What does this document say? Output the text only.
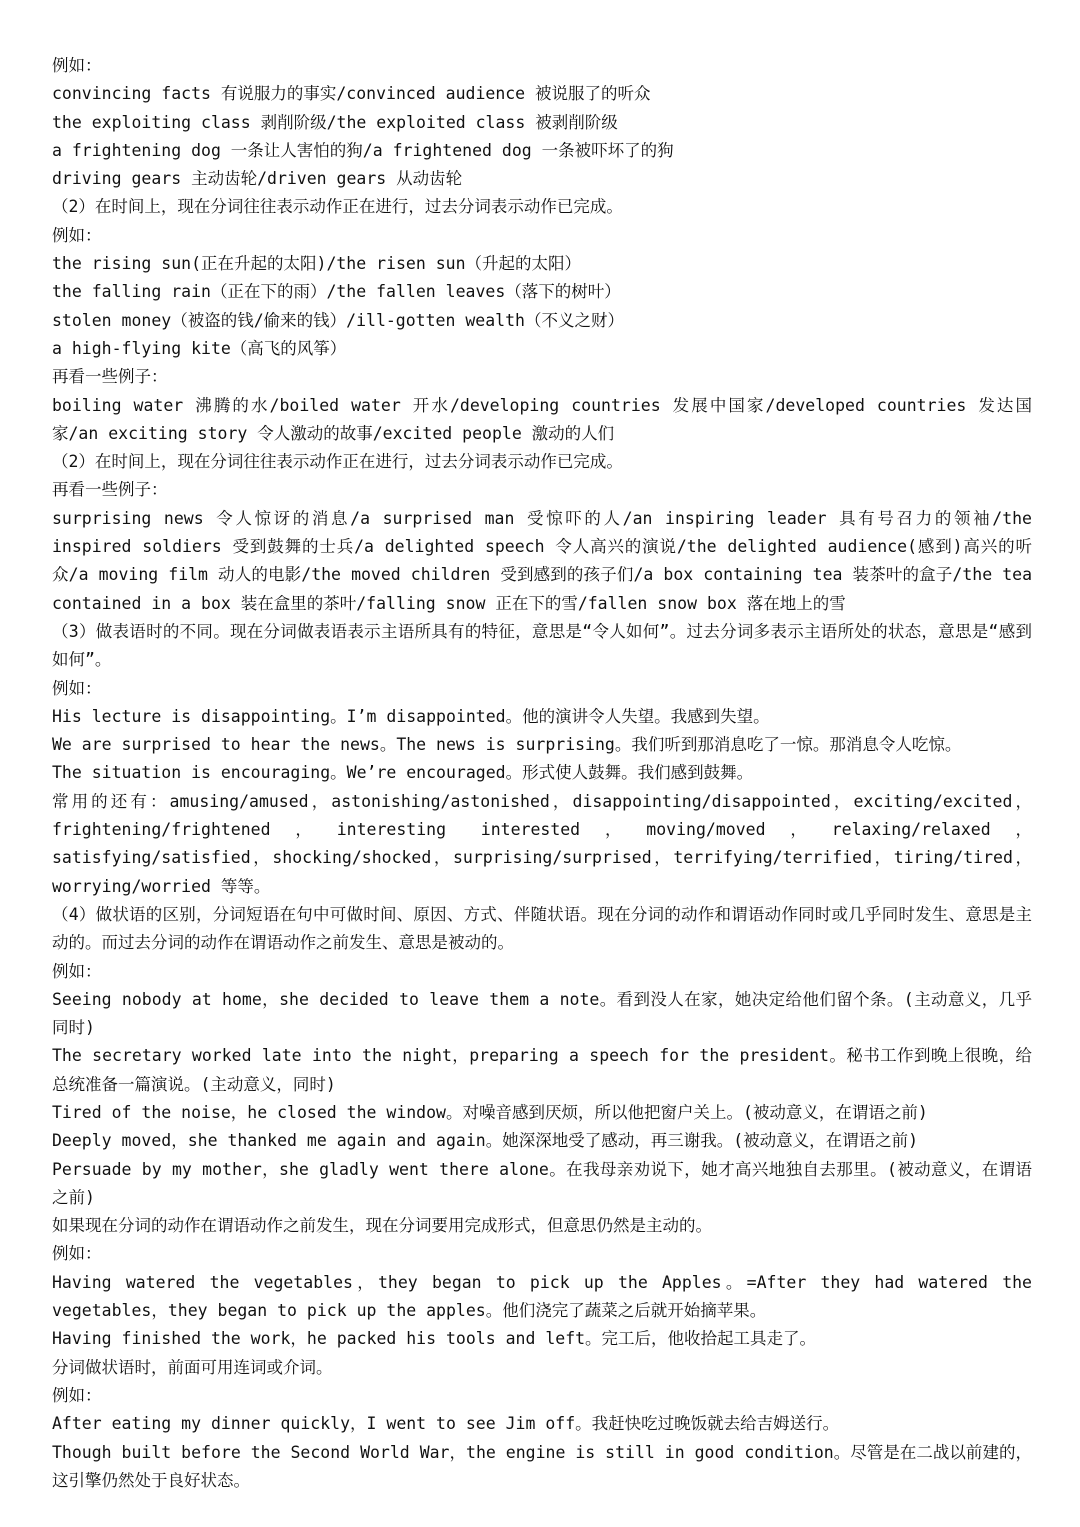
例如：
convincing facts 有说服力的事实/convinced audience 被说服了的听众
the exploiting class 剥削阶级/the exploited class 被剥削阶级
a frightening dog 一条让人害怕的狗/a frightened dog 一条被吓坏了的狗
driving gears 主动齿轮/driven gears 从动齿轮
（2）在时间上，现在分词往往表示动作正在进行，过去分词表示动作已完成。
例如：
the rising sun(正在升起的太阳)/the risen sun（升起的太阳）
the falling rain（正在下的雨）/the fallen leaves（落下的树叶）
stolen money（被盗的钱/偷来的钱）/ill-gotten wealth（不义之财）
a high-flying kite（高飞的风筝）
再看一些例子：
boiling water 沸腾的水/boiled water 开水/developing countries 发展中国家/developed countries 发达国家/an exciting story 令人激动的故事/excited people 激动的人们
（2）在时间上，现在分词往往表示动作正在进行，过去分词表示动作已完成。
再看一些例子：
surprising news 令人惊讶的消息/a surprised man 受惊吓的人/an inspiring leader 具有号召力的领袖/the inspired soldiers 受到鼓舞的士兵/a delighted speech 令人高兴的演说/the delighted audience(感到)高兴的听众/a moving film 动人的电影/the moved children 受到感到的孩子们/a box containing tea 装茶叶的盒子/the tea contained in a box 装在盒里的茶叶/falling snow 正在下的雪/fallen snow box 落在地上的雪
（3）做表语时的不同。现在分词做表语表示主语所具有的特征，意思是“令人如何”。过去分词多表示主语所处的状态，意思是“感到如何”。
例如：
His lecture is disappointing。I’m disappointed。他的演讲令人失望。我感到失望。
We are surprised to hear the news。The news is surprising。我们听到那消息吃了一惊。那消息令人吃惊。
The situation is encouraging。We’re encouraged。形式使人鼓舞。我们感到鼓舞。
常用的还有：amusing/amused，astonishing/astonished，disappointing/disappointed，exciting/excited，frightening/frightened，interesting interested，moving/moved，relaxing/relaxed，satisfying/satisfied，shocking/shocked，surprising/surprised，terrifying/terrified，tiring/tired，worrying/worried 等等。
（4）做状语的区别，分词短语在句中可做时间、原因、方式、伴随状语。现在分词的动作和谓语动作同时或几乎同时发生、意思是主动的。而过去分词的动作在谓语动作之前发生、意思是被动的。
例如：
Seeing nobody at home，she decided to leave them a note。看到没人在家，她决定给他们留个条。(主动意义，几乎同时)
The secretary worked late into the night，preparing a speech for the president。秘书工作到晚上很晚，给总统准备一篇演说。(主动意义，同时)
Tired of the noise，he closed the window。对噪音感到厌烦，所以他把窗户关上。(被动意义，在谓语之前)
Deeply moved，she thanked me again and again。她深深地受了感动，再三谢我。(被动意义，在谓语之前)
Persuade by my mother，she gladly went there alone。在我母亲劝说下，她才高兴地独自去那里。(被动意义，在谓语之前)
如果现在分词的动作在谓语动作之前发生，现在分词要用完成形式，但意思仍然是主动的。
例如：
Having watered the vegetables，they began to pick up the Apples。=After they had watered the vegetables，they began to pick up the apples。他们浇完了蔬菜之后就开始摘苹果。
Having finished the work，he packed his tools and left。完工后，他收拾起工具走了。
分词做状语时，前面可用连词或介词。
例如：
After eating my dinner quickly，I went to see Jim off。我赶快吃过晚饭就去给吉姆送行。
Though built before the Second World War，the engine is still in good condition。尽管是在二战以前建的，这引擎仍然处于良好状态。
